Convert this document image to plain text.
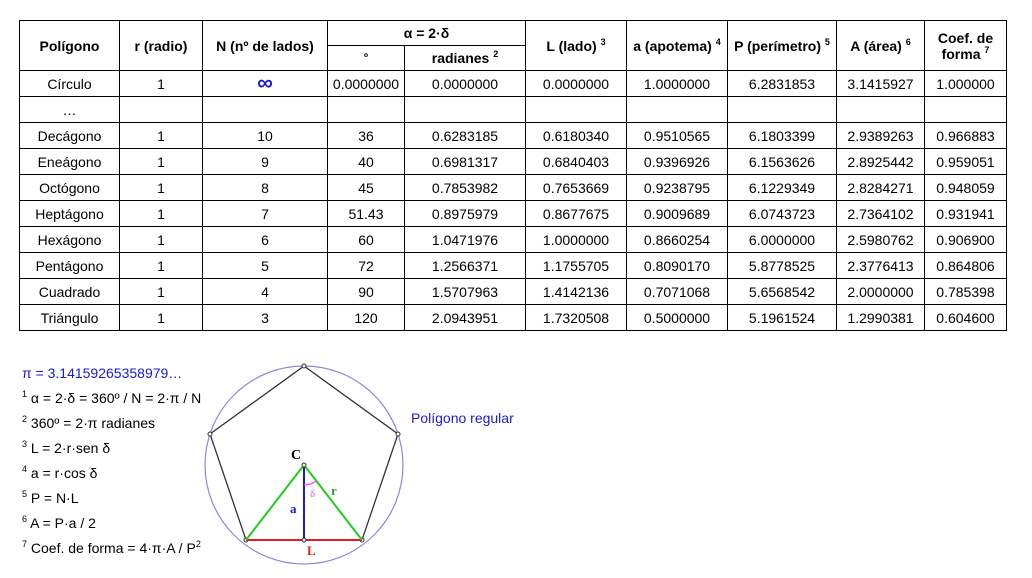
Polígono	r (radio)	N (nº de lados)	α = 2·δ		L (lado) $^3$	a (apotema) $^4$	P (perímetro) $^5$	A (área) $^6$	Coef. de
forma $^7$
			º	radianes $^2$
Círculo	1	∞	0.0000000	0.0000000	0.0000000	1.0000000	6.2831853	3.1415927	1.000000
…									
Decágono	1	10	36	0.6283185	0.6180340	0.9510565	6.1803399	2.9389263	0.966883
Eneágono	1	9	40	0.6981317	0.6840403	0.9396926	6.1563626	2.8925442	0.959051
Octógono	1	8	45	0.7853982	0.7653669	0.9238795	6.1229349	2.8284271	0.948059
Heptágono	1	7	51.43	0.8975979	0.8677675	0.9009689	6.0743723	2.7364102	0.931941
Hexágono	1	6	60	1.0471976	1.0000000	0.8660254	6.0000000	2.5980762	0.906900
Pentágono	1	5	72	1.2566371	1.1755705	0.8090170	5.8778525	2.3776413	0.864806
Cuadrado	1	4	90	1.5707963	1.4142136	0.7071068	5.6568542	2.0000000	0.785398
Triángulo	1	3	120	2.0943951	1.7320508	0.5000000	5.1961524	1.2990381	0.604600
π = 3.14159265358979…
$^1$ α = 2·δ = 360º / N = 2·π / N
$^2$ 360º = 2·π radianes
$^3$ L = 2·r·sen δ
$^4$ a = r·cos δ
$^5$ P = N·L
$^6$ A = P·a / 2
$^7$ Coef. de forma = $4\cdot\pi\cdot A / P^2$
C
a
r
δ
L
Polígono regular
